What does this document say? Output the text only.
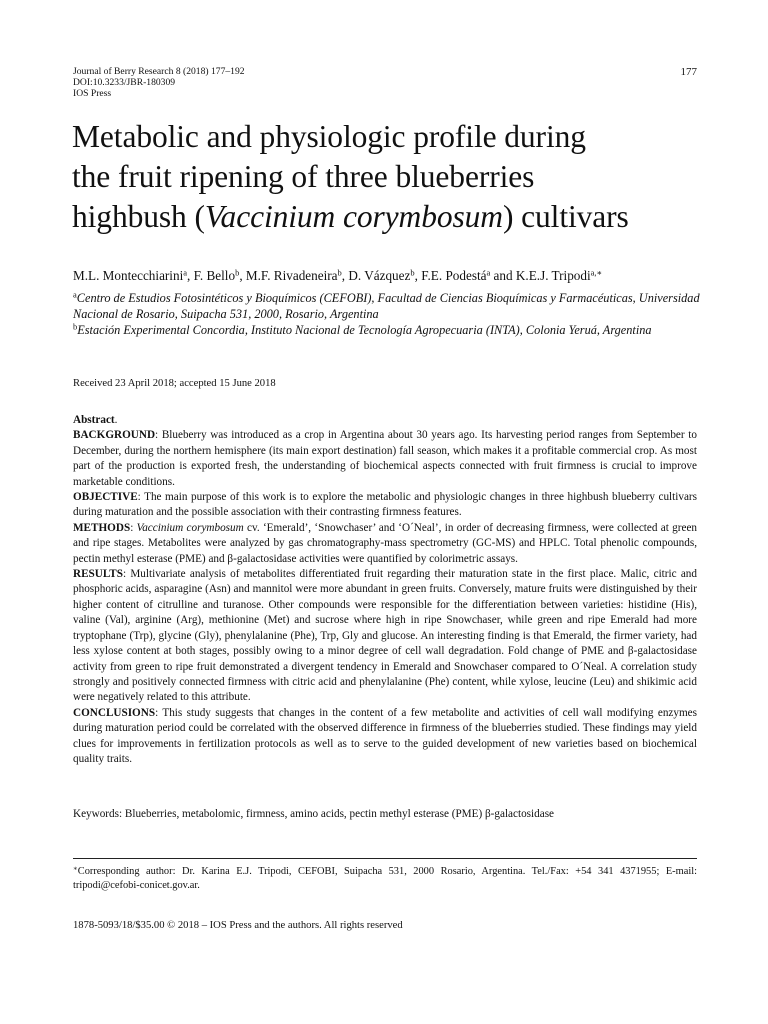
Journal of Berry Research 8 (2018) 177–192
DOI:10.3233/JBR-180309
IOS Press
177
Metabolic and physiologic profile during
the fruit ripening of three blueberries
highbush (Vaccinium corymbosum) cultivars
M.L. Montecchiarini$^a$, F. Bello$^b$, M.F. Rivadeneira$^b$, D. Vázquez$^b$, F.E. Podestá$^a$ and K.E.J. Tripodi$^{a,∗}$
$^a$Centro de Estudios Fotosintéticos y Bioquímicos (CEFOBI), Facultad de Ciencias Bioquímicas y Farmacéuticas, Universidad Nacional de Rosario, Suipacha 531, 2000, Rosario, Argentina
$^b$Estación Experimental Concordia, Instituto Nacional de Tecnología Agropecuaria (INTA), Colonia Yeruá, Argentina
Received 23 April 2018; accepted 15 June 2018

Abstract.

BACKGROUND: Blueberry was introduced as a crop in Argentina about 30 years ago. Its harvesting period ranges from September to December, during the northern hemisphere (its main export destination) fall season, which makes it a profitable commercial crop. As most part of the production is exported fresh, the understanding of biochemical aspects connected with fruit firmness is crucial to improve marketable conditions.

OBJECTIVE: The main purpose of this work is to explore the metabolic and physiologic changes in three highbush blueberry cultivars during maturation and the possible association with their contrasting firmness features.

METHODS: Vaccinium corymbosum cv. ‘Emerald’, ‘Snowchaser’ and ‘O´Neal’, in order of decreasing firmness, were collected at green and ripe stages. Metabolites were analyzed by gas chromatography-mass spectrometry (GC-MS) and HPLC. Total phenolic compounds, pectin methyl esterase (PME) and β-galactosidase activities were quantified by colorimetric assays.

RESULTS: Multivariate analysis of metabolites differentiated fruit regarding their maturation state in the first place. Malic, citric and phosphoric acids, asparagine (Asn) and mannitol were more abundant in green fruits. Conversely, mature fruits were distinguished by their higher content of citrulline and turanose. Other compounds were responsible for the differentiation between varieties: histidine (His), valine (Val), arginine (Arg), methionine (Met) and sucrose where high in ripe Snowchaser, while green and ripe Emerald had more tryptophane (Trp), glycine (Gly), phenylalanine (Phe), Trp, Gly and glucose. An interesting finding is that Emerald, the firmer variety, had less xylose content at both stages, possibly owing to a minor degree of cell wall degradation. Fold change of PME and β-galactosidase activity from green to ripe fruit demonstrated a divergent tendency in Emerald and Snowchaser compared to O´Neal. A correlation study strongly and positively connected firmness with citric acid and phenylalanine (Phe) content, while xylose, leucine (Leu) and shikimic acid were negatively related to this attribute.

CONCLUSIONS: This study suggests that changes in the content of a few metabolite and activities of cell wall modifying enzymes during maturation period could be correlated with the observed difference in firmness of the blueberries studied. These findings may yield clues for improvements in fertilization protocols as well as to serve to the guided development of new varieties based on biochemical quality traits.

Keywords: Blueberries, metabolomic, firmness, amino acids, pectin methyl esterase (PME) β-galactosidase
∗Corresponding author: Dr. Karina E.J. Tripodi, CEFOBI, Suipacha 531, 2000 Rosario, Argentina. Tel./Fax: +54 341 4371955; E-mail: tripodi@cefobi-conicet.gov.ar.
1878-5093/18/$35.00 © 2018 – IOS Press and the authors. All rights reserved
